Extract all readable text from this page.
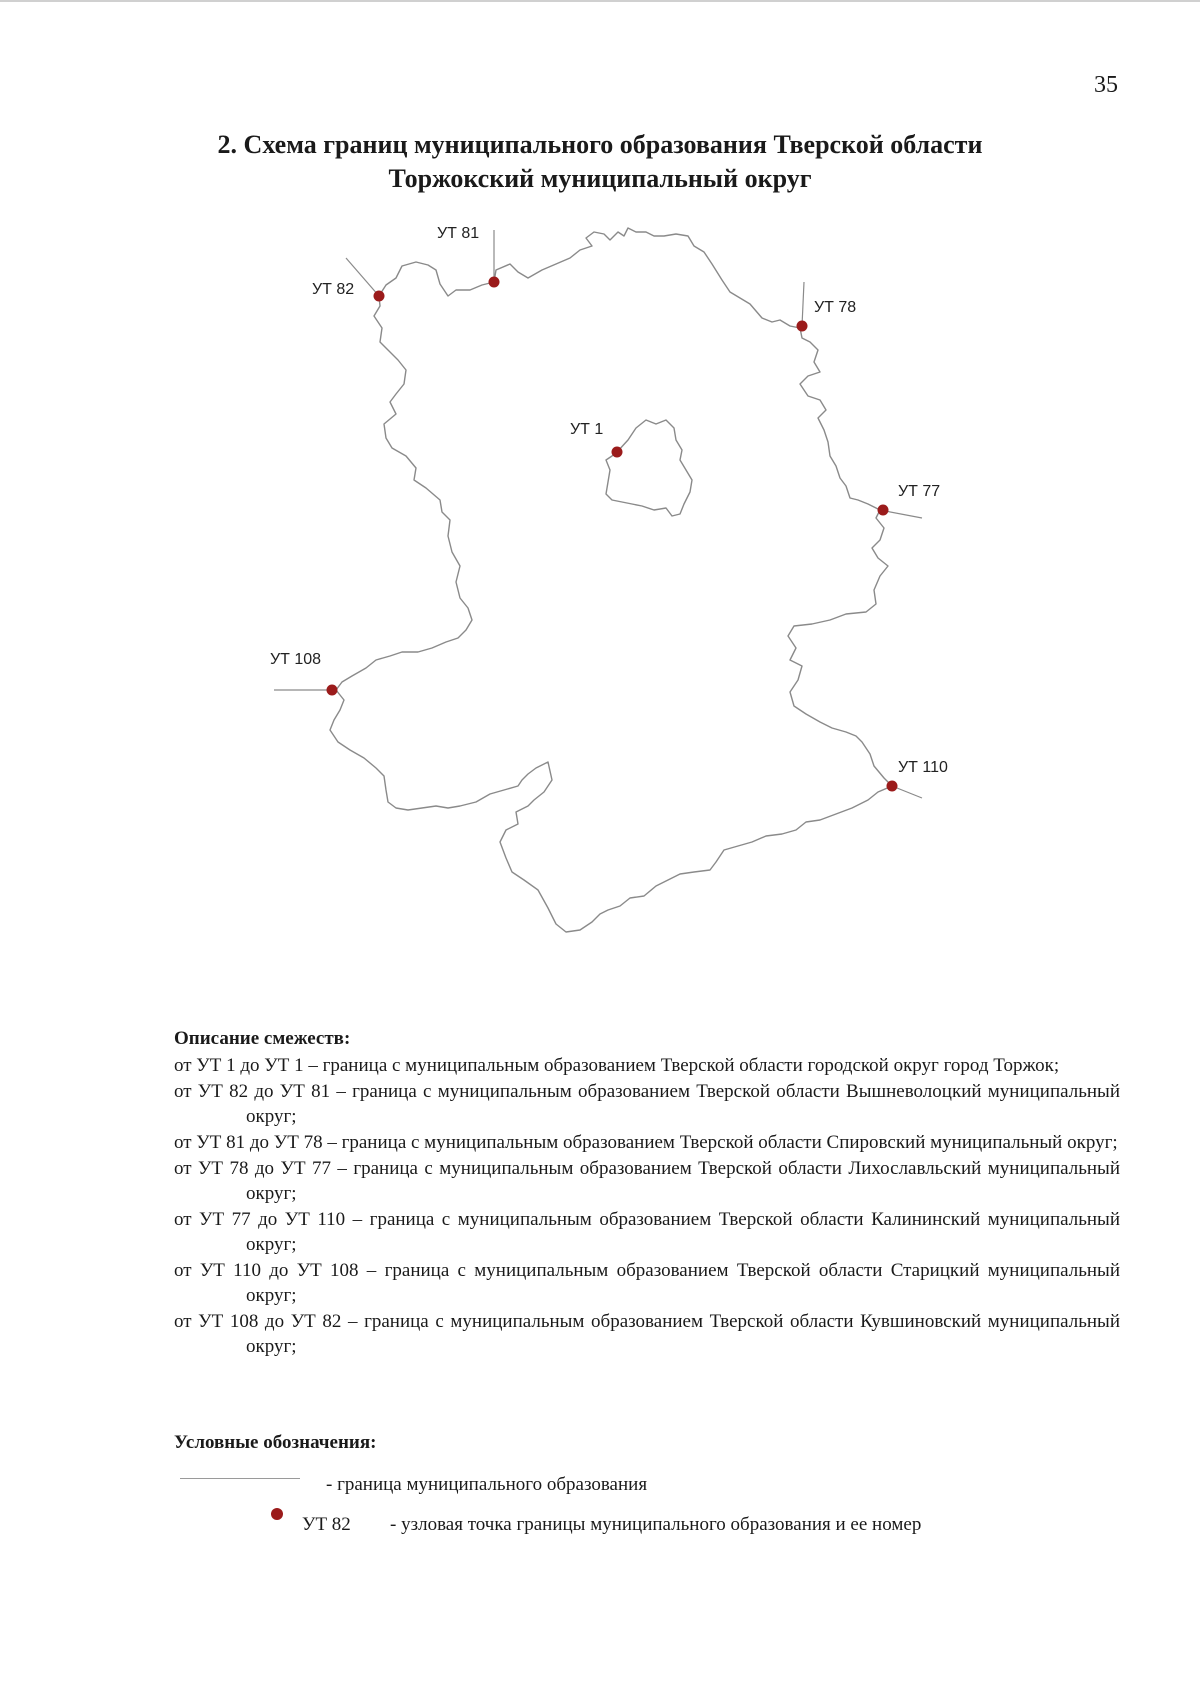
35
2. Схема границ муниципального образования Тверской области
Торжокский муниципальный округ
УТ 81
УТ 82
УТ 78
УТ 1
УТ 77
УТ 108
УТ 110
Описание смежеств:
от УТ 1 до УТ 1 – граница с муниципальным образованием Тверской области городской округ город Торжок;
от УТ 82 до УТ 81 – граница с муниципальным образованием Тверской области Вышневолоцкий муниципальный округ;
от УТ 81 до УТ 78 – граница с муниципальным образованием Тверской области Спировский муниципальный округ;
от УТ 78 до УТ 77 – граница с муниципальным образованием Тверской области Лихославльский муниципальный округ;
от УТ 77 до УТ 110 – граница с муниципальным образованием Тверской области Калининский муниципальный округ;
от УТ 110 до УТ 108 – граница с муниципальным образованием Тверской области Старицкий муниципальный округ;
от УТ 108 до УТ 82 – граница с муниципальным образованием Тверской области Кувшиновский муниципальный округ;
Условные обозначения:
- граница муниципального образования
УТ 82 - узловая точка границы муниципального образования и ее номер
